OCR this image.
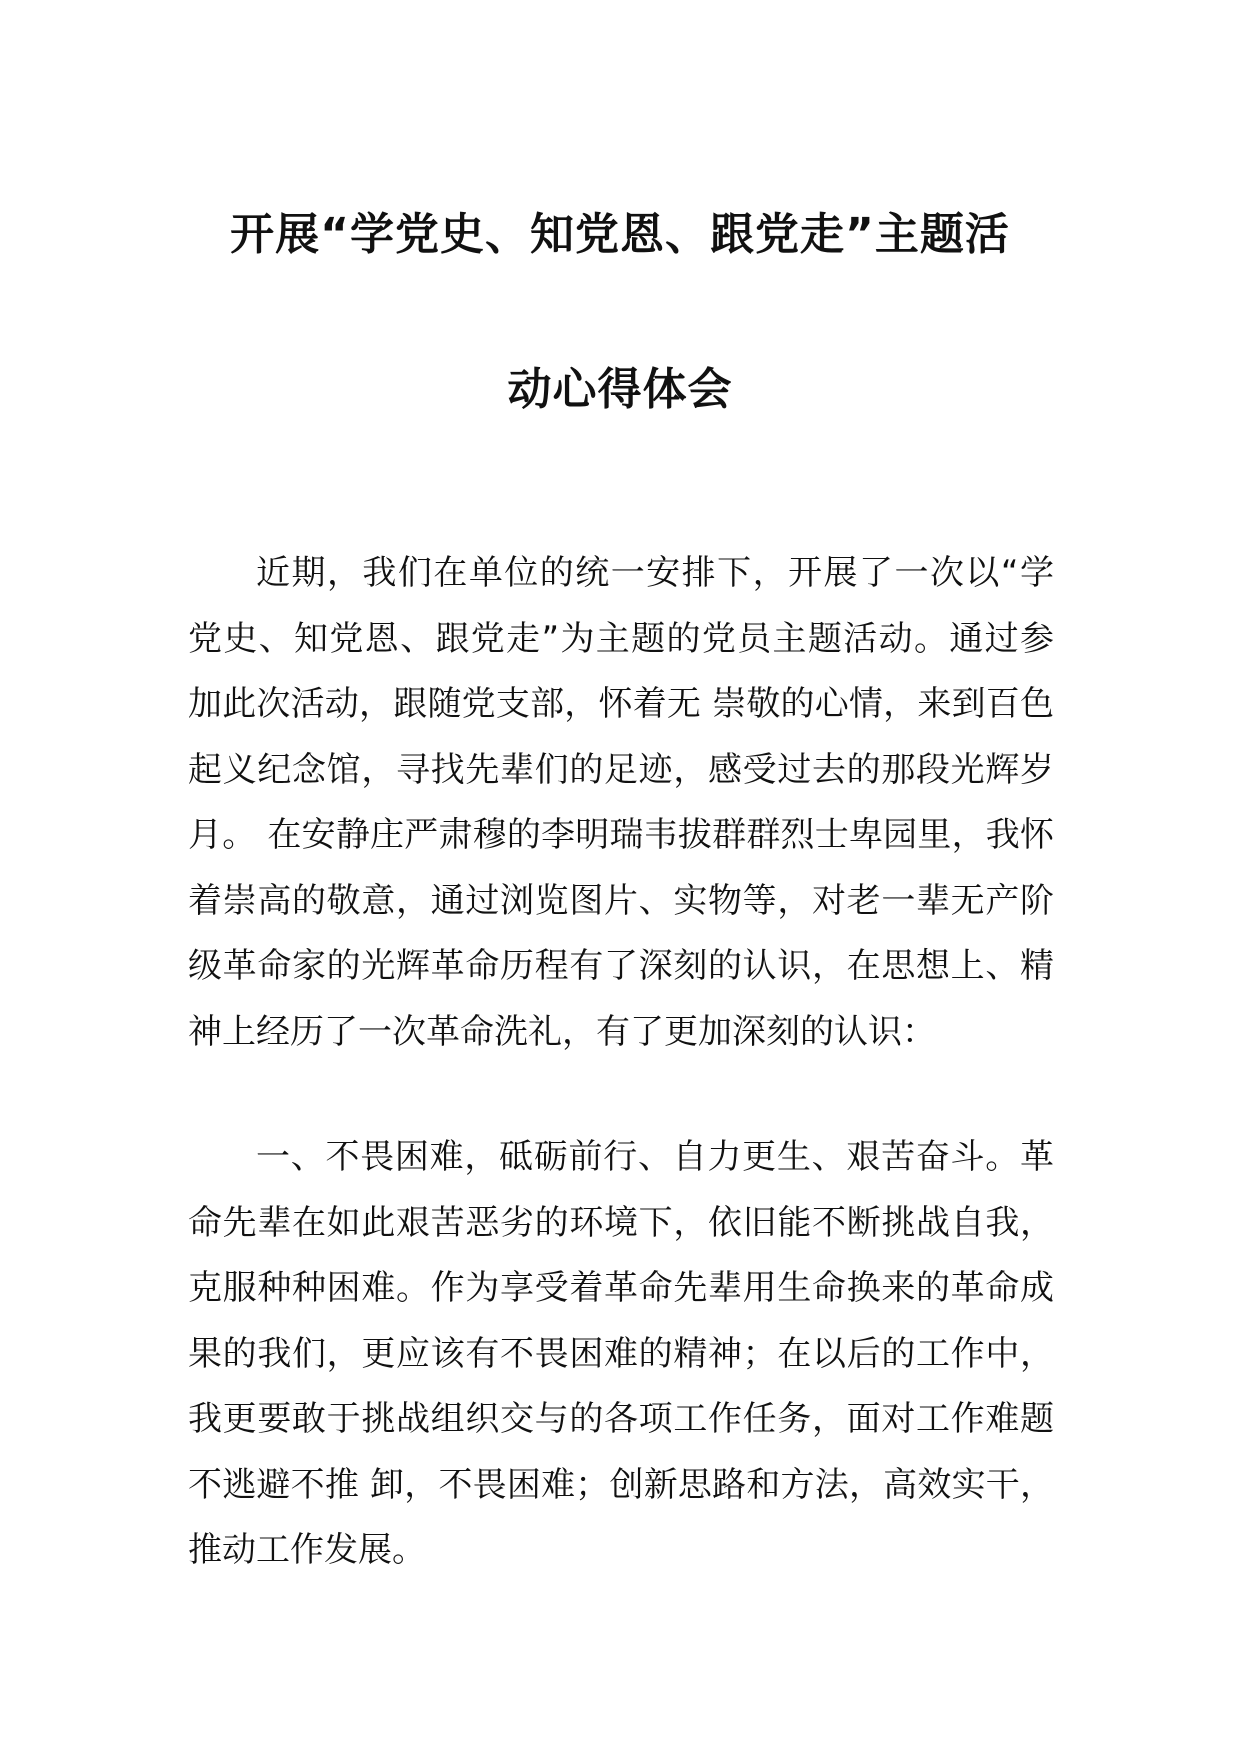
开展“学党史、知党恩、跟党走”主题活
动心得体会

近期，我们在单位的统一安排下，开展了一次以“学党史、知党恩、跟党走”为主题的党员主题活动。通过参加此次活动，跟随党支部，怀着无 崇敬的心情，来到百色起义纪念馆，寻找先辈们的足迹，感受过去的那段光辉岁月。 在安静庄严肃穆的李明瑞韦拔群群烈士卑园里，我怀着崇高的敬意，通过浏览图片、实物等，对老一辈无产阶级革命家的光辉革命历程有了深刻的认识，在思想上、精神上经历了一次革命洗礼，有了更加深刻的认识：

一、不畏困难，砥砺前行、自力更生、艰苦奋斗。革命先辈在如此艰苦恶劣的环境下，依旧能不断挑战自我，克服种种困难。作为享受着革命先辈用生命换来的革命成果的我们，更应该有不畏困难的精神；在以后的工作中，我更要敢于挑战组织交与的各项工作任务，面对工作难题不逃避不推 卸，不畏困难；创新思路和方法，高效实干，推动工作发展。
